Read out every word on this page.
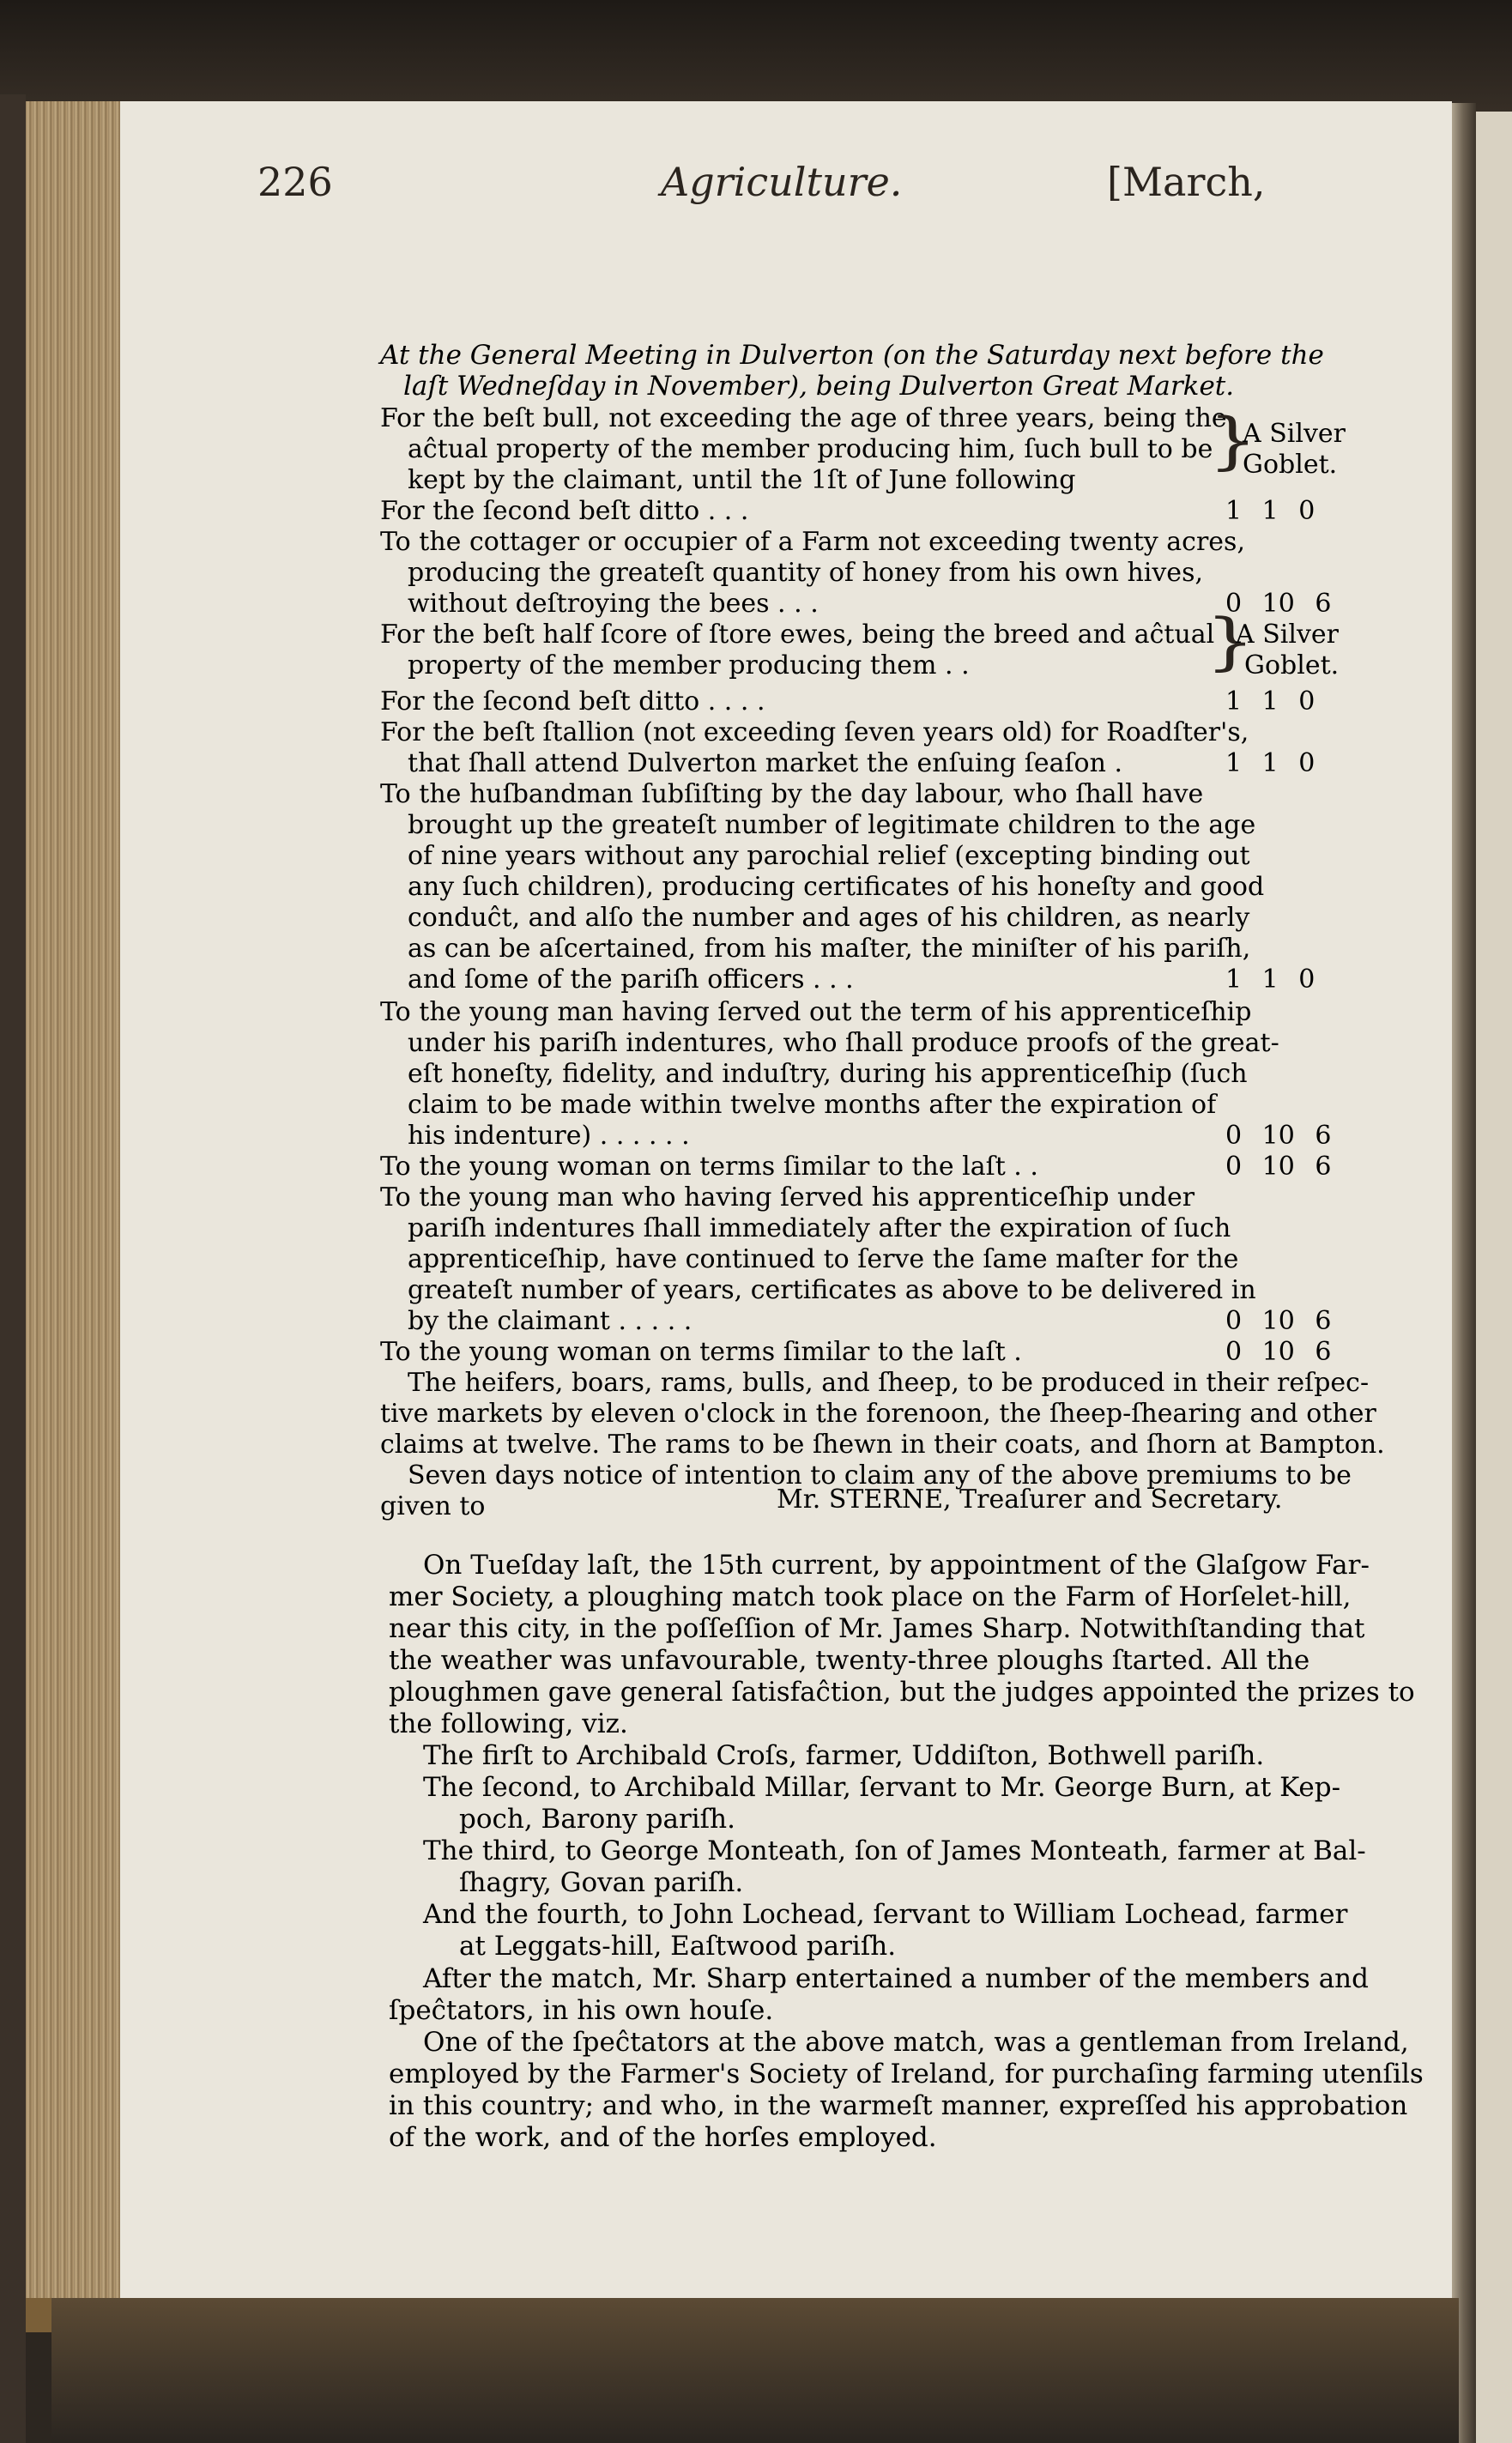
226	Agriculture.	[March,
At the General Meeting in Dulverton (on the Saturday next before the
laſt Wedneſday in November), being Dulverton Great Market.
For the beſt bull, not exceeding the age of three years, being the
aĉtual property of the member producing him, ſuch bull to be
kept by the claimant, until the 1ſt of June following
}
A Silver
Goblet.
For the ſecond beſt ditto . . .	1 1 0
To the cottager or occupier of a Farm not exceeding twenty acres,
producing the greateſt quantity of honey from his own hives,
without deſtroying the bees . . .	0 10 6
For the beſt half ſcore of ſtore ewes, being the breed and aĉtual
property of the member producing them . .	}
A Silver
Goblet.
For the ſecond beſt ditto . . . .	1 1 0
For the beſt ſtallion (not exceeding ſeven years old) for Roadſter's,
that ſhall attend Dulverton market the enſuing ſeaſon .	1 1 0
To the huſbandman ſubſiſting by the day labour, who ſhall have
brought up the greateſt number of legitimate children to the age
of nine years without any parochial relief (excepting binding out
any ſuch children), producing certificates of his honeſty and good
conduĉt, and alſo the number and ages of his children, as nearly
as can be aſcertained, from his maſter, the miniſter of his pariſh,
and ſome of the pariſh officers . . .	1 1 0
To the young man having ſerved out the term of his apprenticeſhip
under his pariſh indentures, who ſhall produce proofs of the great-
eſt honeſty, fidelity, and induſtry, during his apprenticeſhip (ſuch
claim to be made within twelve months after the expiration of
his indenture) . . . . . .	0 10 6
To the young woman on terms ſimilar to the laſt . .	0 10 6
To the young man who having ſerved his apprenticeſhip under
pariſh indentures ſhall immediately after the expiration of ſuch
apprenticeſhip, have continued to ſerve the ſame maſter for the
greateſt number of years, certificates as above to be delivered in
by the claimant . . . . .	0 10 6
To the young woman on terms ſimilar to the laſt .	0 10 6
The heifers, boars, rams, bulls, and ſheep, to be produced in their reſpec-
tive markets by eleven o'clock in the forenoon, the ſheep-ſhearing and other
claims at twelve. The rams to be ſhewn in their coats, and ſhorn at Bampton.
Seven days notice of intention to claim any of the above premiums to be
given to	Mr. STERNE, Treaſurer and Secretary.
On Tueſday laſt, the 15th current, by appointment of the Glaſgow Far-
mer Society, a ploughing match took place on the Farm of Horſelet-hill,
near this city, in the poſſeſſion of Mr. James Sharp. Notwithſtanding that
the weather was unfavourable, twenty-three ploughs ſtarted. All the
ploughmen gave general ſatisfaĉtion, but the judges appointed the prizes to
the following, viz.
The firſt to Archibald Croſs, farmer, Uddiſton, Bothwell pariſh.
The ſecond, to Archibald Millar, ſervant to Mr. George Burn, at Kep-
poch, Barony pariſh.
The third, to George Monteath, ſon of James Monteath, farmer at Bal-
ſhagry, Govan pariſh.
And the fourth, to John Lochead, ſervant to William Lochead, farmer
at Leggats-hill, Eaſtwood pariſh.
After the match, Mr. Sharp entertained a number of the members and
ſpeĉtators, in his own houſe.
One of the ſpeĉtators at the above match, was a gentleman from Ireland,
employed by the Farmer's Society of Ireland, for purchaſing farming utenſils
in this country; and who, in the warmeſt manner, expreſſed his approbation
of the work, and of the horſes employed.
